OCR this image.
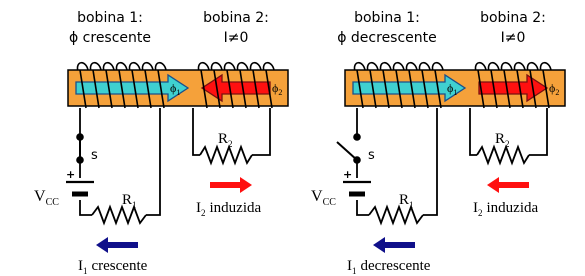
bobina 1:
ϕ crescente
bobina 2:
I≠0
$\phi_1$	$\phi_2$
s
+
$V_{CC}$	$R_1$
$R_2$
$I_2$ induzida
$I_1$ crescente
bobina 1:
ϕ decrescente
bobina 2:
I≠0
$\phi_1$	$\phi_2$
s
+
$V_{CC}$	$R_1$
$R_2$
$I_2$ induzida
$I_1$ decrescente
